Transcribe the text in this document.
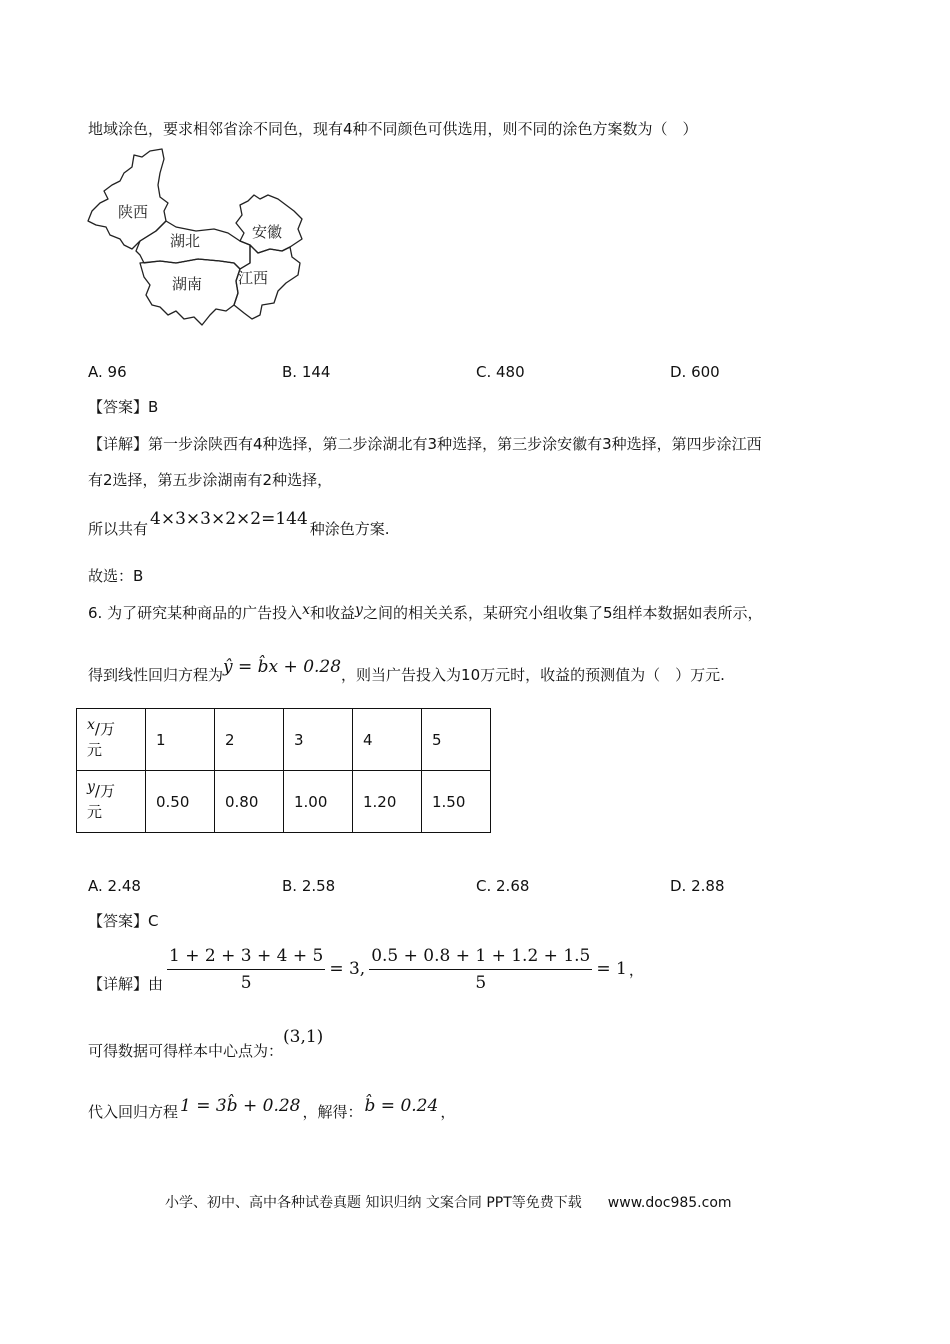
地域涂色，要求相邻省涂不同色，现有4种不同颜色可供选用，则不同的涂色方案数为（　）
陕西
湖北	安徽
湖南 江西
A. 96	B. 144	C. 480	D. 600
【答案】B
【详解】第一步涂陕西有4种选择，第二步涂湖北有3种选择，第三步涂安徽有3种选择，第四步涂江西
有2选择，第五步涂湖南有2种选择，
所以共有 4×3×3×2×2=144 种涂色方案.
故选：B
6. 为了研究某种商品的广告投入x和收益y之间的相关关系，某研究小组收集了5组样本数据如表所示，
得到线性回归方程为ŷ = b̂x + 0.28，则当广告投入为10万元时，收益的预测值为（　）万元.
x/万
元	1	2	3	4	5
y/万
元	0.50	0.80	1.00	1.20	1.50
A. 2.48	B. 2.58	C. 2.68	D. 2.88
【答案】C
【详解】由 $\frac{1 + 2 + 3 + 4 + 5}{5} = 3$, $\frac{0.5 + 0.8 + 1 + 1.2 + 1.5}{5} = 1$ ，
可得数据可得样本中心点为：(3,1)
代入回归方程 1 = 3b̂ + 0.28 ，解得： b̂ = 0.24 ，
小学、初中、高中各种试卷真题 知识归纳 文案合同 PPT等免费下载 www.doc985.com
